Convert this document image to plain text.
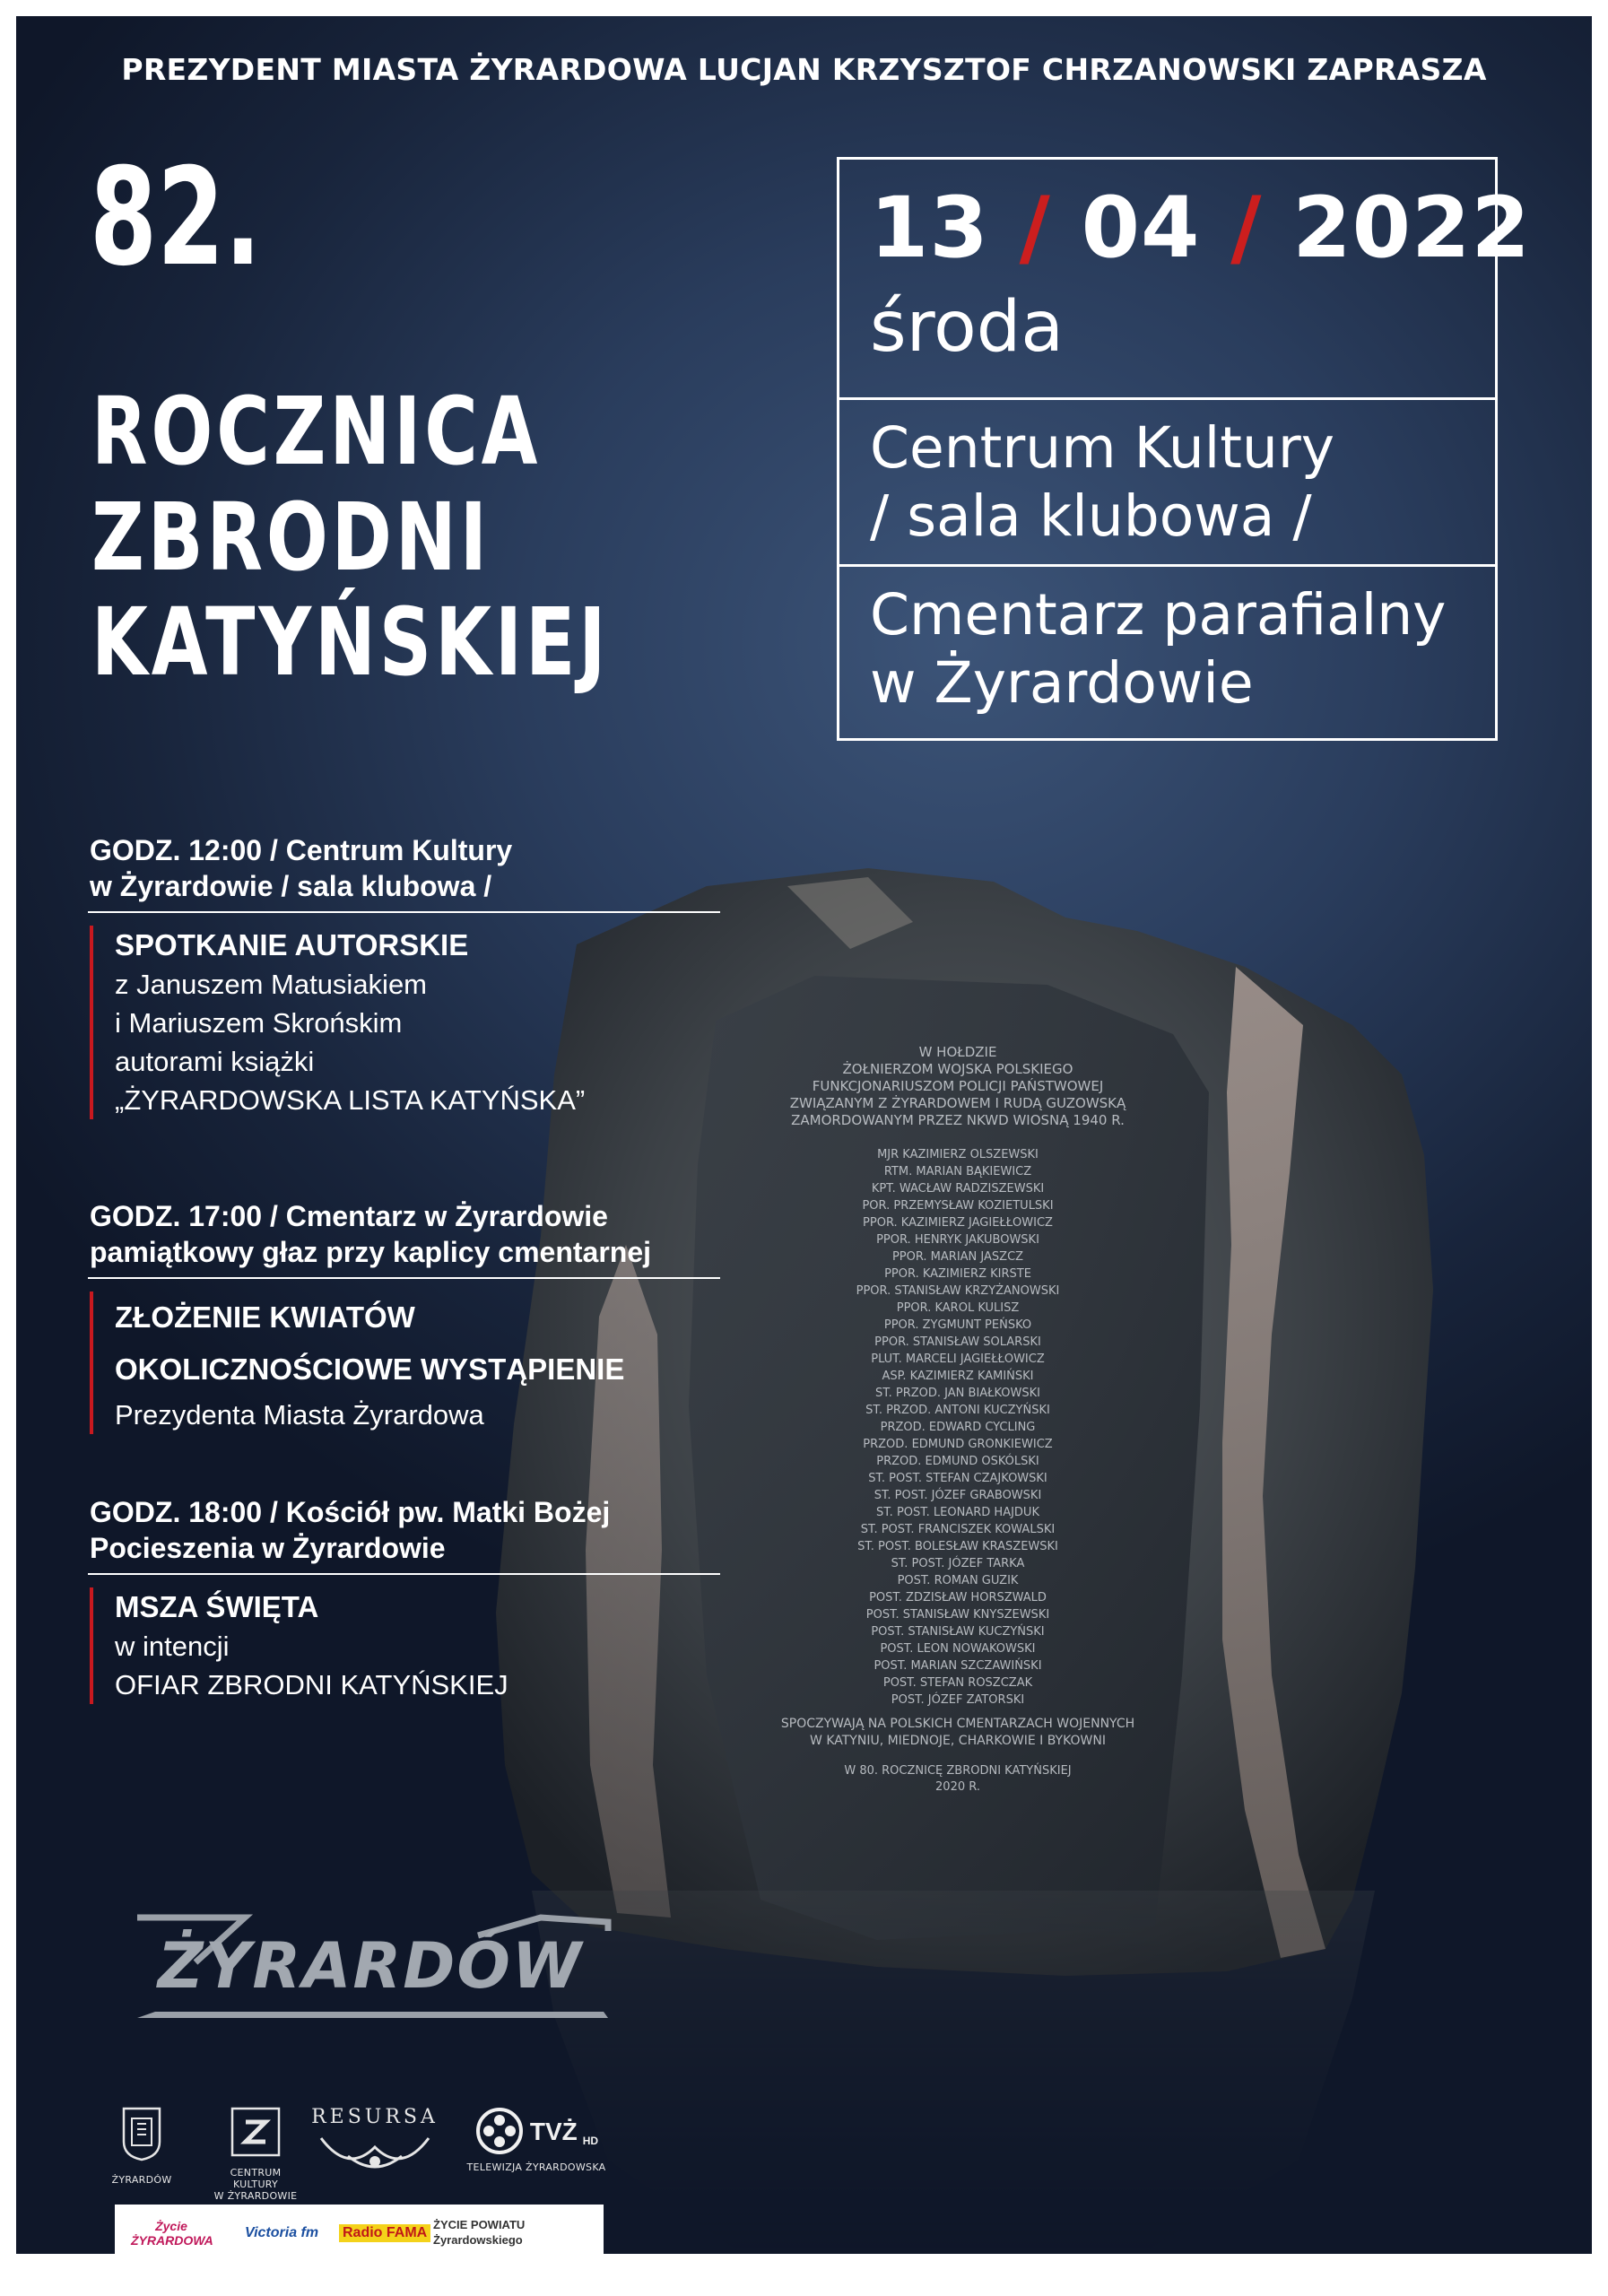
PREZYDENT MIASTA ŻYRARDOWA LUCJAN KRZYSZTOF CHRZANOWSKI ZAPRASZA
82.
ROCZNICA
ZBRODNI
KATYŃSKIEJ
13 / 04 / 2022
środa
Centrum Kultury
/ sala klubowa /
Cmentarz parafialny
w Żyrardowie
W HOŁDZIE
ŻOŁNIERZOM WOJSKA POLSKIEGO
FUNKCJONARIUSZOM POLICJI PAŃSTWOWEJ
ZWIĄZANYM Z ŻYRARDOWEM I RUDĄ GUZOWSKĄ
ZAMORDOWANYM PRZEZ NKWD WIOSNĄ 1940 R.
MJR KAZIMIERZ OLSZEWSKI
RTM. MARIAN BĄKIEWICZ
KPT. WACŁAW RADZISZEWSKI
POR. PRZEMYSŁAW KOZIETULSKI
PPOR. KAZIMIERZ JAGIEŁŁOWICZ
PPOR. HENRYK JAKUBOWSKI
PPOR. MARIAN JASZCZ
PPOR. KAZIMIERZ KIRSTE
PPOR. STANISŁAW KRZYŻANOWSKI
PPOR. KAROL KULISZ
PPOR. ZYGMUNT PEŃSKO
PPOR. STANISŁAW SOLARSKI
PLUT. MARCELI JAGIEŁŁOWICZ
ASP. KAZIMIERZ KAMIŃSKI
ST. PRZOD. JAN BIAŁKOWSKI
ST. PRZOD. ANTONI KUCZYŃSKI
PRZOD. EDWARD CYCLING
PRZOD. EDMUND GRONKIEWICZ
PRZOD. EDMUND OSKÓLSKI
ST. POST. STEFAN CZAJKOWSKI
ST. POST. JÓZEF GRABOWSKI
ST. POST. LEONARD HAJDUK
ST. POST. FRANCISZEK KOWALSKI
ST. POST. BOLESŁAW KRASZEWSKI
ST. POST. JÓZEF TARKA
POST. ROMAN GUZIK
POST. ZDZISŁAW HORSZWALD
POST. STANISŁAW KNYSZEWSKI
POST. STANISŁAW KUCZYŃSKI
POST. LEON NOWAKOWSKI
POST. MARIAN SZCZAWIŃSKI
POST. STEFAN ROSZCZAK
POST. JÓZEF ZATORSKI
SPOCZYWAJĄ NA POLSKICH CMENTARZACH WOJENNYCH
W KATYNIU, MIEDNOJE, CHARKOWIE I BYKOWNI
W 80. ROCZNICĘ ZBRODNI KATYŃSKIEJ
2020 R.
GODZ. 12:00 / Centrum Kultury
w Żyrardowie / sala klubowa /
SPOTKANIE AUTORSKIE
z Januszem Matusiakiem
i Mariuszem Skrońskim
autorami książki
„ŻYRARDOWSKA LISTA KATYŃSKA”
GODZ. 17:00 / Cmentarz w Żyrardowie
pamiątkowy głaz przy kaplicy cmentarnej
ZŁOŻENIE KWIATÓW
OKOLICZNOŚCIOWE WYSTĄPIENIE
Prezydenta Miasta Żyrardowa
GODZ. 18:00 / Kościół pw. Matki Bożej
Pocieszenia w Żyrardowie
MSZA ŚWIĘTA
w intencji
OFIAR ZBRODNI KATYŃSKIEJ
ŻYRARDÓW
ŻYRARDÓW
CENTRUM KULTURY
W ŻYRARDOWIE
RESURSA	TVŻ HD
TELEWIZJA ŻYRARDOWSKA
Życie ŻYRARDOWA Victoria fm Radio FAMA
ŻYCIE POWIATU Żyrardowskiego
